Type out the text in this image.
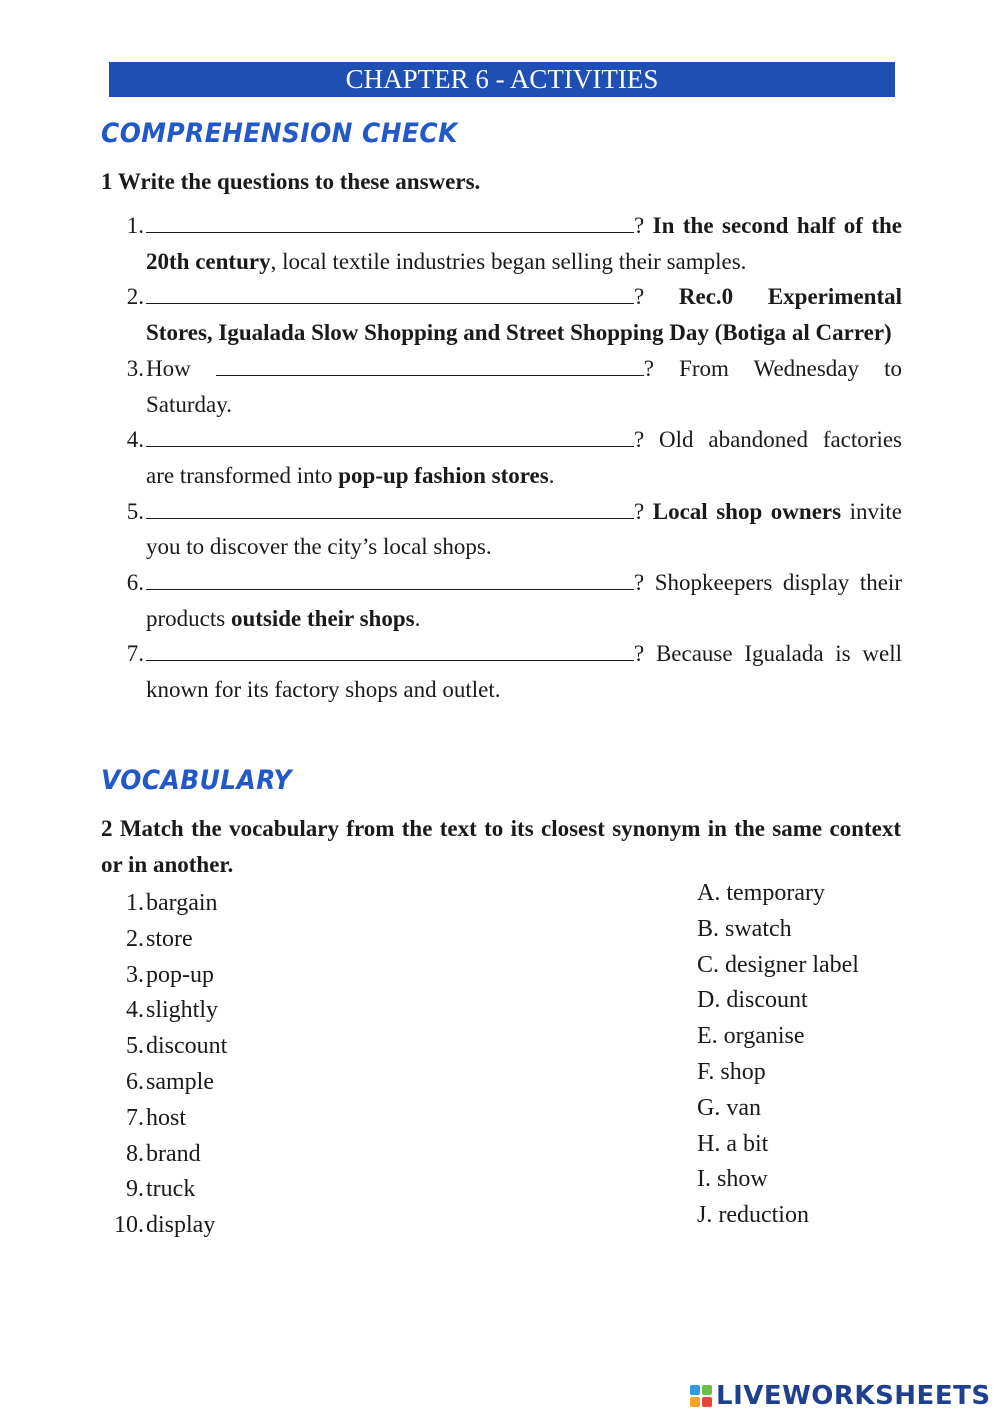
CHAPTER 6 - ACTIVITIES
COMPREHENSION CHECK
1 Write the questions to these answers.
1.	? In the second half of the 20th century, local textile industries began selling their samples.
2.	? Rec.0 Experimental Stores, Igualada Slow Shopping and Street Shopping Day (Botiga al Carrer)
3. How	? From Wednesday to Saturday.
4.	? Old abandoned factories are transformed into pop-up fashion stores.
5.	? Local shop owners invite you to discover the city’s local shops.
6.	? Shopkeepers display their products outside their shops.
7.	? Because Igualada is well known for its factory shops and outlet.
VOCABULARY
2 Match the vocabulary from the text to its closest synonym in the same context or in another.
1. bargain
2. store
3. pop-up
4. slightly
5. discount
6. sample
7. host
8. brand
9. truck
10. display
A. temporary
B. swatch
C. designer label
D. discount
E. organise
F. shop
G. van
H. a bit
I. show
J. reduction
LIVEWORKSHEETS
